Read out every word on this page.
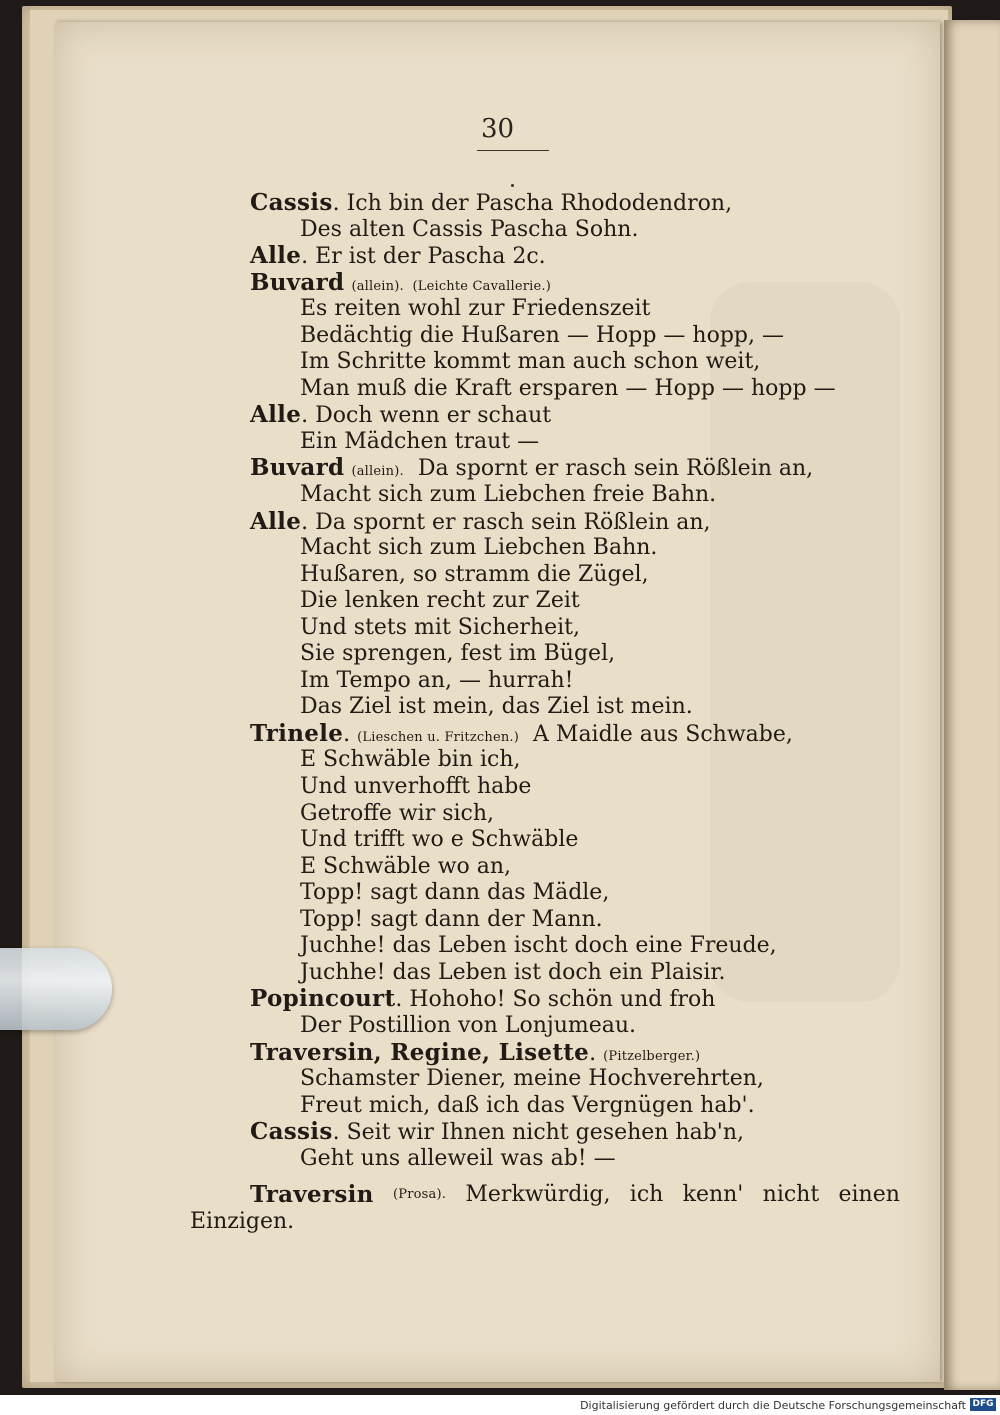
30
Cassis. Ich bin der Pascha Rhododendron,
Des alten Cassis Pascha Sohn.
Alle. Er ist der Pascha 2c.
Buvard (allein).  (Leichte Cavallerie.)
Es reiten wohl zur Friedenszeit
Bedächtig die Hußaren — Hopp — hopp, —
Im Schritte kommt man auch schon weit,
Man muß die Kraft ersparen — Hopp — hopp —
Alle. Doch wenn er schaut
Ein Mädchen traut —
Buvard (allein). Da spornt er rasch sein Rößlein an,
Macht sich zum Liebchen freie Bahn.
Alle. Da spornt er rasch sein Rößlein an,
Macht sich zum Liebchen Bahn.
Hußaren, so stramm die Zügel,
Die lenken recht zur Zeit
Und stets mit Sicherheit,
Sie sprengen, fest im Bügel,
Im Tempo an, — hurrah!
Das Ziel ist mein, das Ziel ist mein.
Trinele. (Lieschen u. Fritzchen.) A Maidle aus Schwabe,
E Schwäble bin ich,
Und unverhofft habe
Getroffe wir sich,
Und trifft wo e Schwäble
E Schwäble wo an,
Topp! sagt dann das Mädle,
Topp! sagt dann der Mann.
Juchhe! das Leben ischt doch eine Freude,
Juchhe! das Leben ist doch ein Plaisir.
Popincourt. Hohoho! So schön und froh
Der Postillion von Lonjumeau.
Traversin, Regine, Lisette. (Pitzelberger.)
Schamster Diener, meine Hochverehrten,
Freut mich, daß ich das Vergnügen hab'.
Cassis. Seit wir Ihnen nicht gesehen hab'n,
Geht uns alleweil was ab! —
Traversin (Prosa). Merkwürdig, ich kenn' nicht einen
Einzigen.
Digitalisierung gefördert durch die Deutsche Forschungsgemeinschaft DFG
